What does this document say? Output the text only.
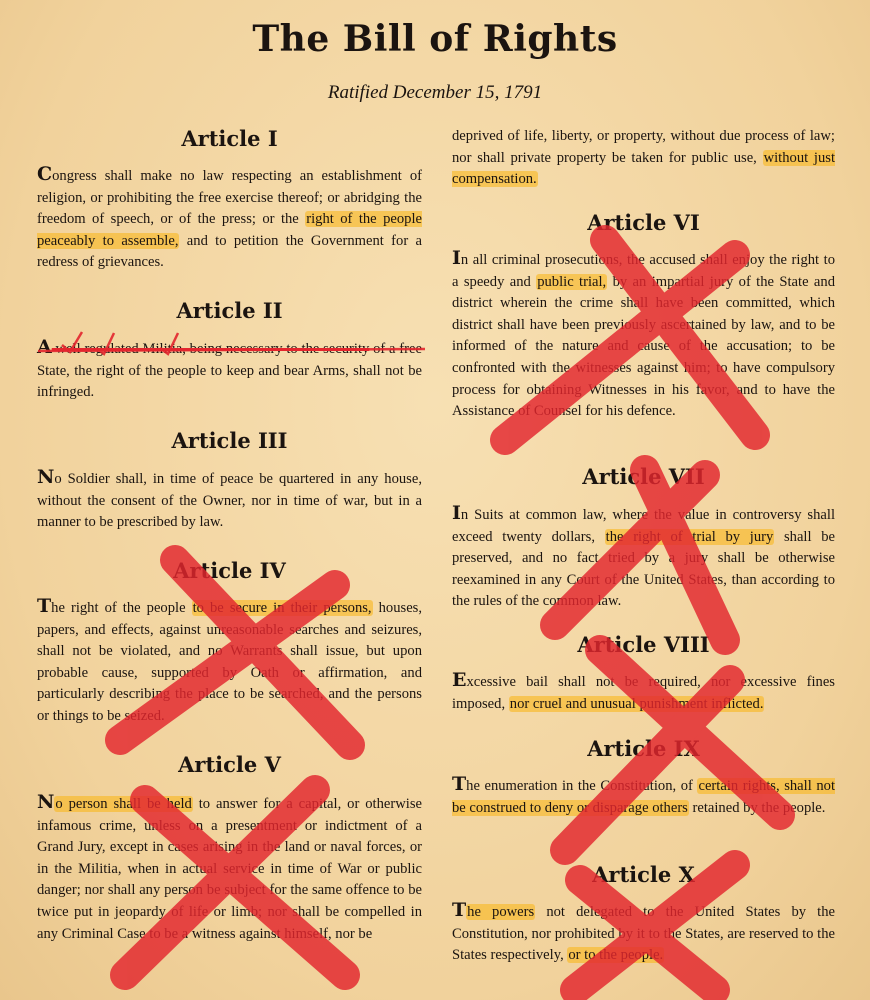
The Bill of Rights
Ratified December 15, 1791
Article I
Congress shall make no law respecting an establishment of religion, or prohibiting the free exercise thereof; or abridging the freedom of speech, or of the press; or the right of the people peaceably to assemble, and to petition the Government for a redress of grievances.
Article II
A well regulated Militia, being necessary to the security of a free State, the right of the people to keep and bear Arms, shall not be infringed.
Article III
No Soldier shall, in time of peace be quartered in any house, without the consent of the Owner, nor in time of war, but in a manner to be prescribed by law.
Article IV
The right of the people to be secure in their persons, houses, papers, and effects, against unreasonable searches and seizures, shall not be violated, and no Warrants shall issue, but upon probable cause, supported by Oath or affirmation, and particularly describing the place to be searched, and the persons or things to be seized.
Article V
No person shall be held to answer for a capital, or otherwise infamous crime, unless on a presentment or indictment of a Grand Jury, except in cases arising in the land or naval forces, or in the Militia, when in actual service in time of War or public danger; nor shall any person be subject for the same offence to be twice put in jeopardy of life or limb; nor shall be compelled in any Criminal Case to be a witness against himself, nor be
deprived of life, liberty, or property, without due process of law; nor shall private property be taken for public use, without just compensation.
Article VI
In all criminal prosecutions, the accused shall enjoy the right to a speedy and public trial, by an impartial jury of the State and district wherein the crime shall have been committed, which district shall have been previously ascertained by law, and to be informed of the nature and cause of the accusation; to be confronted with the witnesses against him; to have compulsory process for obtaining Witnesses in his favor, and to have the Assistance of Counsel for his defence.
Article VII
In Suits at common law, where the value in controversy shall exceed twenty dollars, the right of trial by jury shall be preserved, and no fact tried by a jury shall be otherwise reexamined in any Court of the United States, than according to the rules of the common law.
Article VIII
Excessive bail shall not be required, nor excessive fines imposed, nor cruel and unusual punishment inflicted.
Article IX
The enumeration in the Constitution, of certain rights, shall not be construed to deny or disparage others retained by the people.
Article X
The powers not delegated to the United States by the Constitution, nor prohibited by it to the States, are reserved to the States respectively, or to the people.
